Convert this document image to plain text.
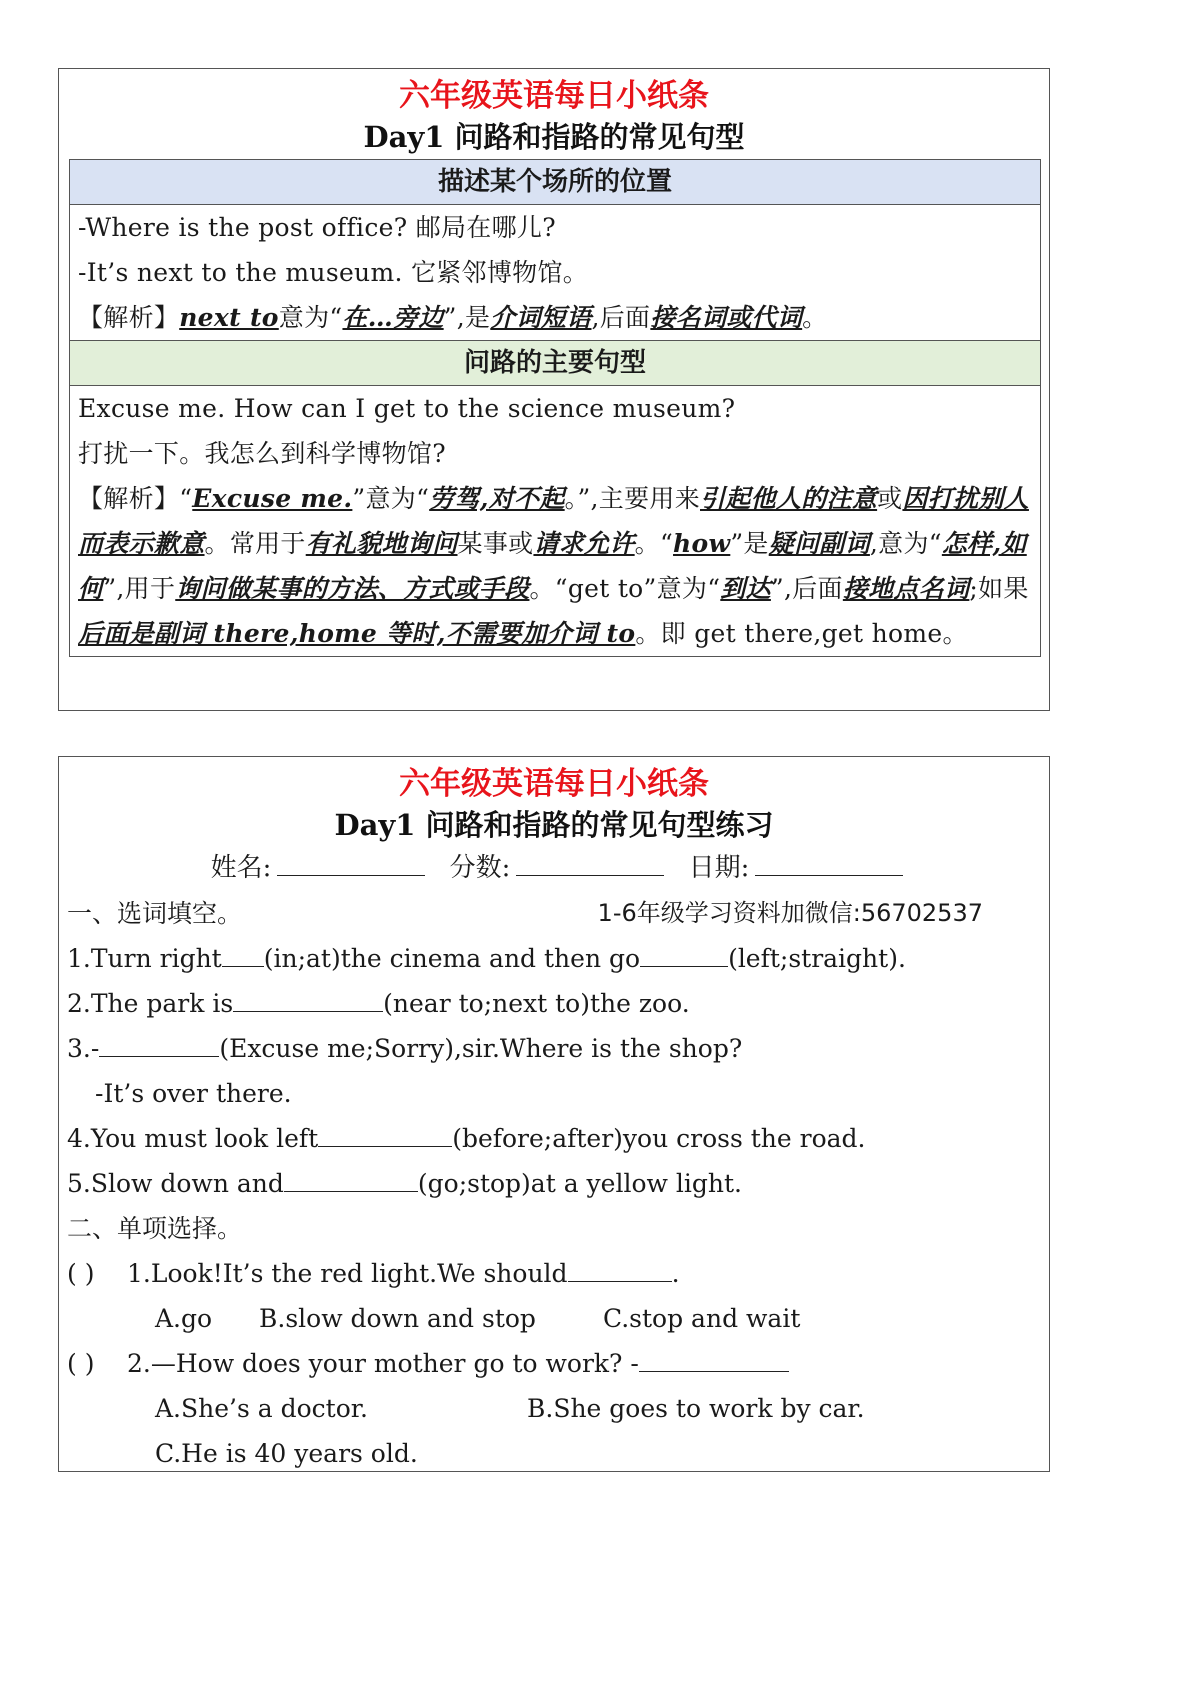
六年级英语每日小纸条
Day1 问路和指路的常见句型
描述某个场所的位置

-Where is the post office? 邮局在哪儿?

-It’s next to the museum. 它紧邻博物馆。

【解析】next to意为“在…旁边”,是介词短语,后面接名词或代词。

问路的主要句型

Excuse me. How can I get to the science museum?

打扰一下。我怎么到科学博物馆?

【解析】“Excuse me.”意为“劳驾,对不起。”,主要用来引起他人的注意或因打扰别人而表示歉意。常用于有礼貌地询问某事或请求允许。“how”是疑问副词,意为“怎样,如何”,用于询问做某事的方法、方式或手段。“get to”意为“到达”,后面接地点名词;如果后面是副词 there,home 等时,不需要加介词 to。即 get there,get home。

六年级英语每日小纸条
Day1 问路和指路的常见句型练习
姓名:	分数:	日期:
一、选词填空。	1-6年级学习资料加微信:56702537

1.Turn right (in;at)the cinema and then go	(left;straight).

2.The park is	(near to;next to)the zoo.

3.-	(Excuse me;Sorry),sir.Where is the shop?

-It’s over there.

4.You must look left	(before;after)you cross the road.

5.Slow down and	(go;stop)at a yellow light.

二、单项选择。

( ) 1.Look!It’s the red light.We should	.

A.go B.slow down and stop	C.stop and wait

( ) 2.—How does your mother go to work? -

A.She’s a doctor.	B.She goes to work by car.

C.He is 40 years old.
